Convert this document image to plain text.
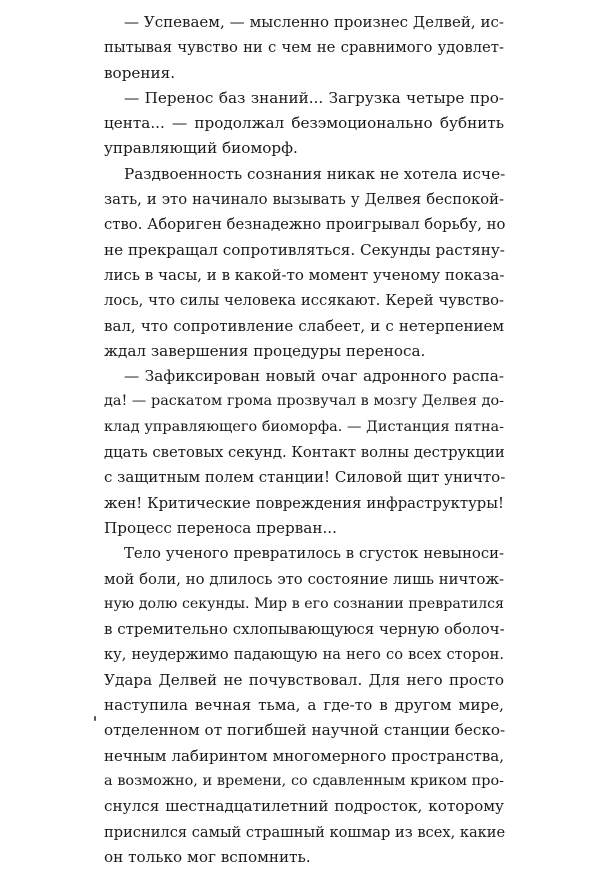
— Успеваем, — мысленно произнес Делвей, ис-
пытывая чувство ни с чем не сравнимого удовлет-
ворения.
— Перенос баз знаний... Загрузка четыре про-
цента... — продолжал безэмоционально бубнить
управляющий биоморф.
Раздвоенность сознания никак не хотела исче-
зать, и это начинало вызывать у Делвея беспокой-
ство. Абориген безнадежно проигрывал борьбу, но
не прекращал сопротивляться. Секунды растяну-
лись в часы, и в какой-то момент ученому показа-
лось, что силы человека иссякают. Керей чувство-
вал, что сопротивление слабеет, и с нетерпением
ждал завершения процедуры переноса.
— Зафиксирован новый очаг адронного распа-
да! — раскатом грома прозвучал в мозгу Делвея до-
клад управляющего биоморфа. — Дистанция пятна-
дцать световых секунд. Контакт волны деструкции
с защитным полем станции! Силовой щит уничто-
жен! Критические повреждения инфраструктуры!
Процесс переноса прерван...
Тело ученого превратилось в сгусток невыноси-
мой боли, но длилось это состояние лишь ничтож-
ную долю секунды. Мир в его сознании превратился
в стремительно схлопывающуюся черную оболоч-
ку, неудержимо падающую на него со всех сторон.
Удара Делвей не почувствовал. Для него просто
наступила вечная тьма, а где-то в другом мире,
отделенном от погибшей научной станции беско-
нечным лабиринтом многомерного пространства,
а возможно, и времени, со сдавленным криком про-
снулся шестнадцатилетний подросток, которому
приснился самый страшный кошмар из всех, какие
он только мог вспомнить.
